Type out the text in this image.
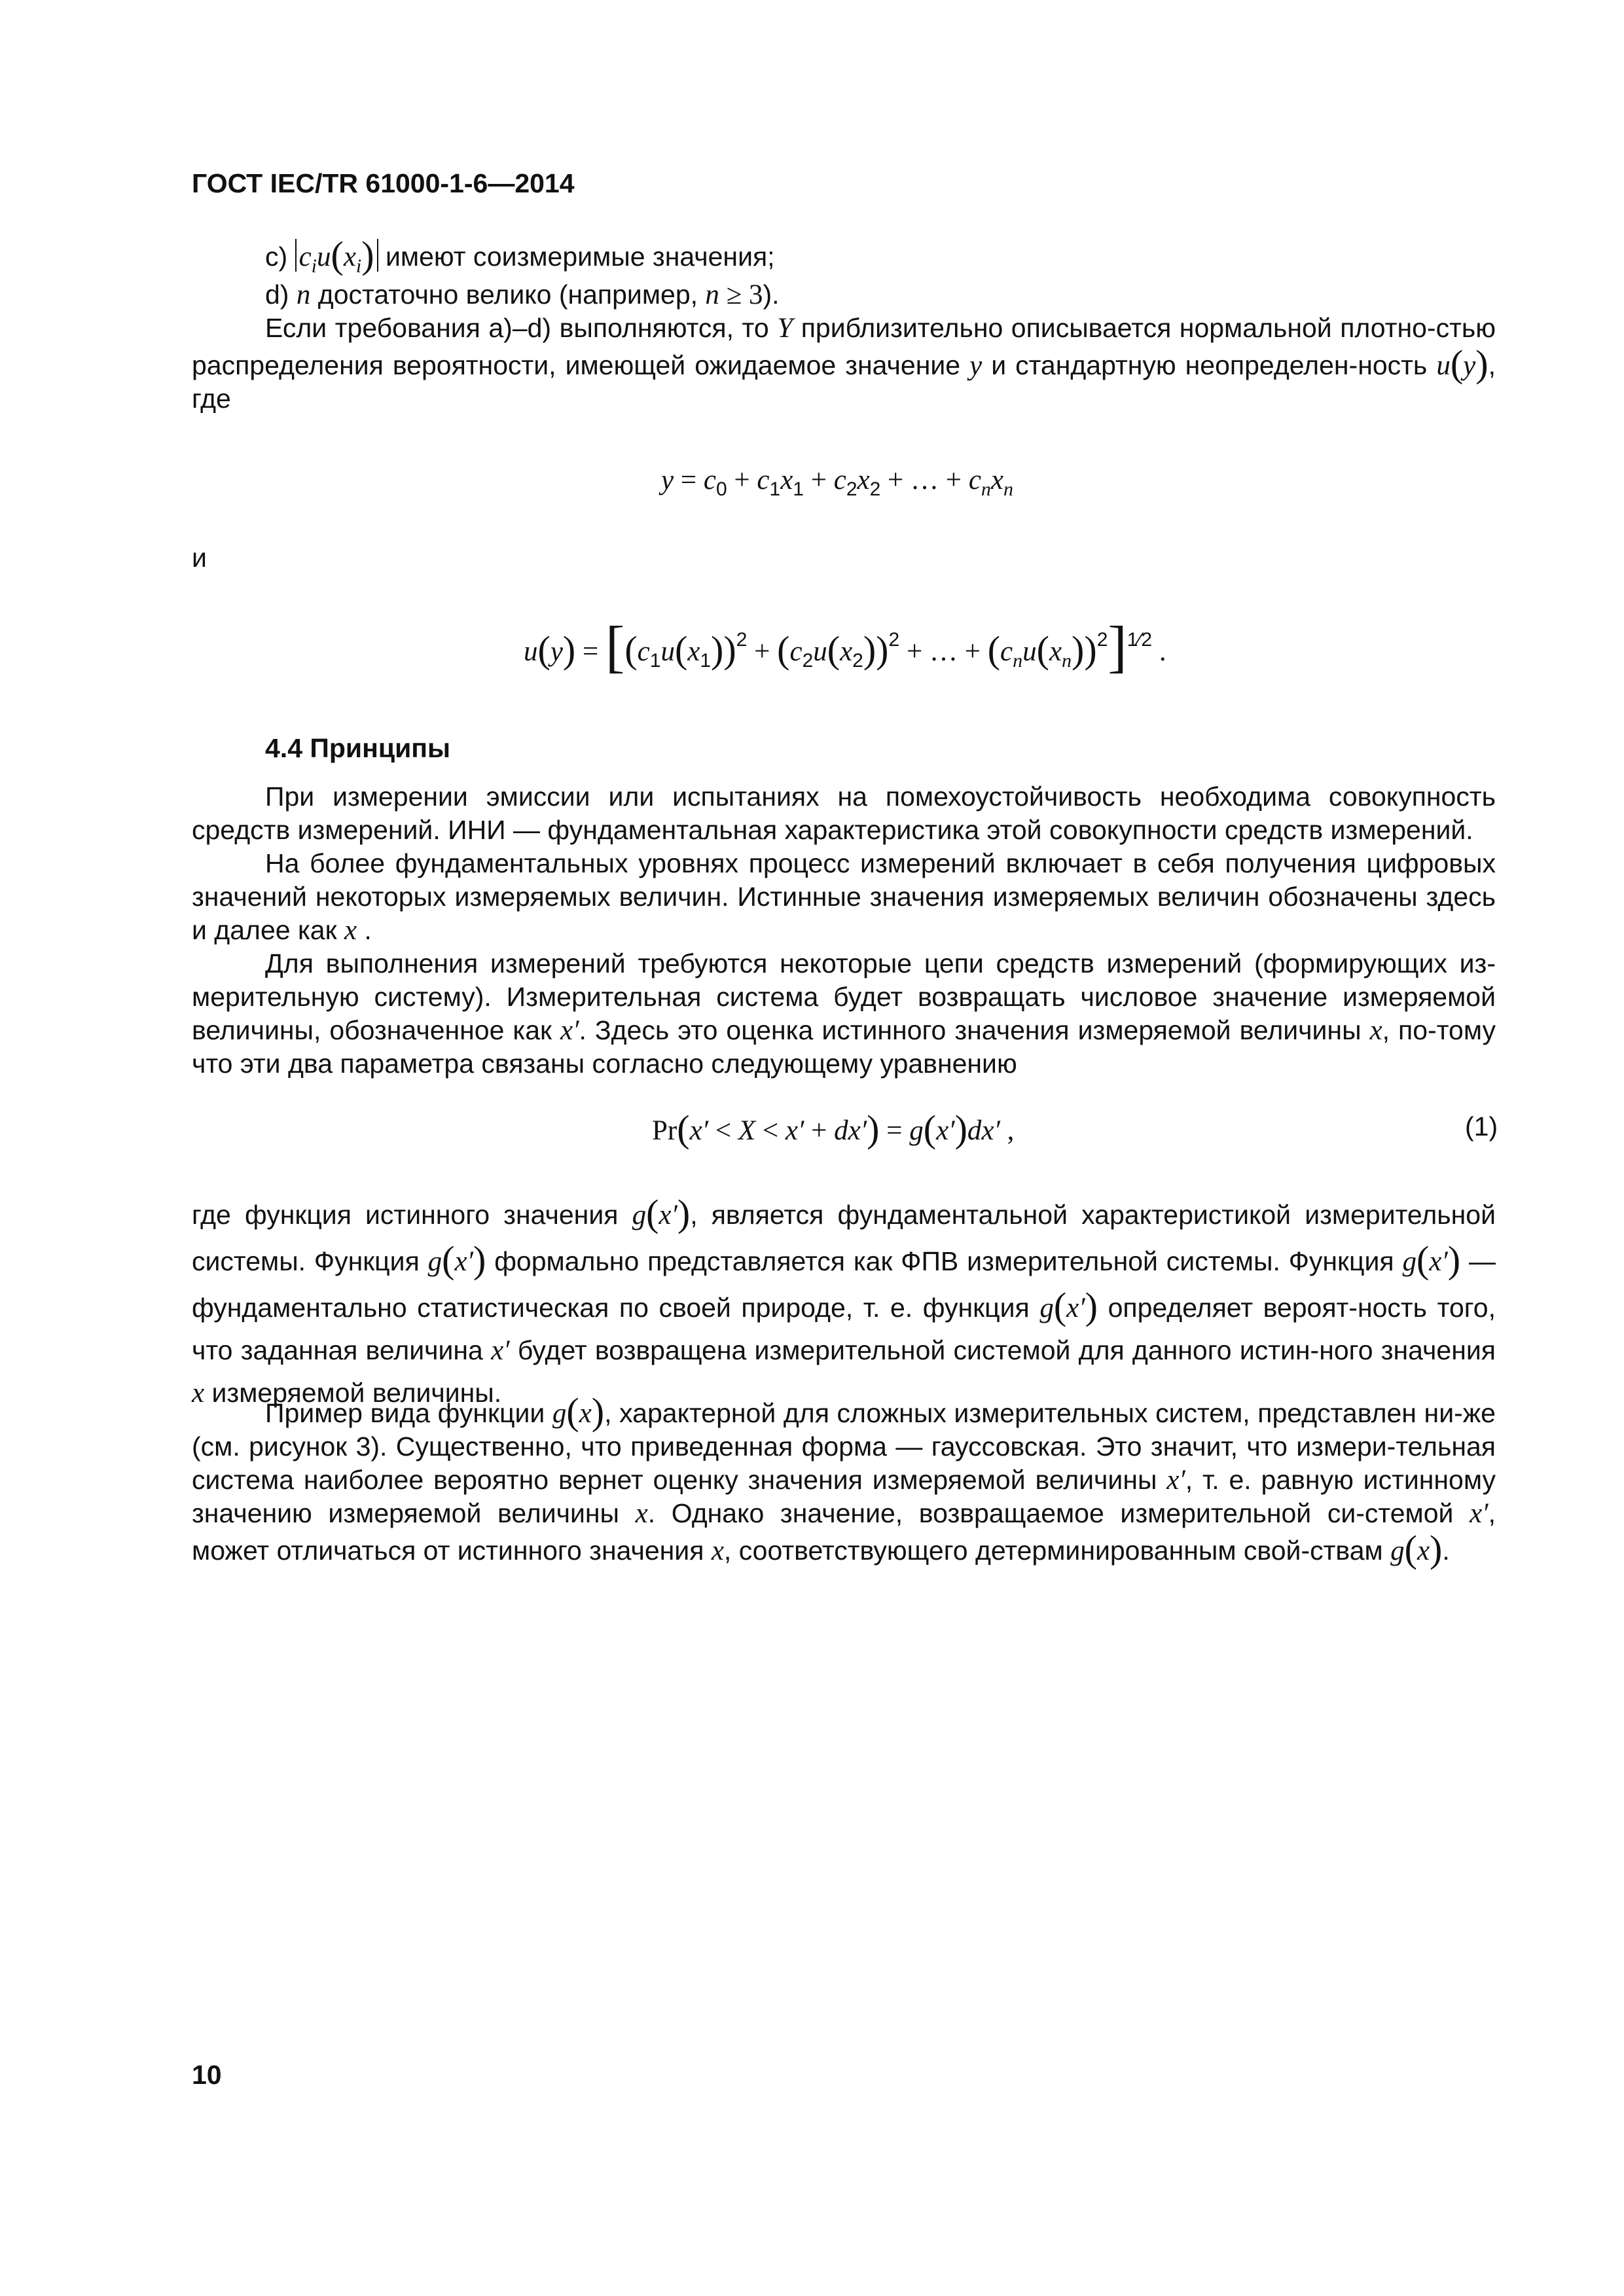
ГОСТ IEC/TR 61000-1-6—2014
c) $c_iu(x_i)$ имеют соизмеримые значения;
d) n достаточно велико (например, n ≥ 3).

Если требования а)–d) выполняются, то Y приблизительно описывается нормальной плотно-стью распределения вероятности, имеющей ожидаемое значение y и стандартную неопределен-ность u(y), где

$y = c_0 + c_1x_1 + c_2x_2$ + … + $c_nx_n$
и
$u(y) = [(c_1u(x_1))^2 + (c_2u(x_2))^2$ + … + $(c_nu(x_n))^2]^{1⁄2}$ .
4.4 Принципы

При измерении эмиссии или испытаниях на помехоустойчивость необходима совокупность средств измерений. ИНИ — фундаментальная характеристика этой совокупности средств измерений.

На более фундаментальных уровнях процесс измерений включает в себя получения цифровых значений некоторых измеряемых величин. Истинные значения измеряемых величин обозначены здесь и далее как x .

Для выполнения измерений требуются некоторые цепи средств измерений (формирующих из-мерительную систему). Измерительная система будет возвращать числовое значение измеряемой величины, обозначенное как x′. Здесь это оценка истинного значения измеряемой величины x, по-тому что эти два параметра связаны согласно следующему уравнению

Pr(x′ < X < x′ + dx′) = g(x′)dx′ ,	(1)

где функция истинного значения g(x′), является фундаментальной характеристикой измерительной системы. Функция g(x′) формально представляется как ФПВ измерительной системы. Функция g(x′) — фундаментально статистическая по своей природе, т. е. функция g(x′) определяет вероят-ность того, что заданная величина x′ будет возвращена измерительной системой для данного истин-ного значения x измеряемой величины.

Пример вида функции g(x), характерной для сложных измерительных систем, представлен ни-же (см. рисунок 3). Существенно, что приведенная форма — гауссовская. Это значит, что измери-тельная система наиболее вероятно вернет оценку значения измеряемой величины x′, т. е. равную истинному значению измеряемой величины x. Однако значение, возвращаемое измерительной си-стемой x′, может отличаться от истинного значения x, соответствующего детерминированным свой-ствам g(x).

10
